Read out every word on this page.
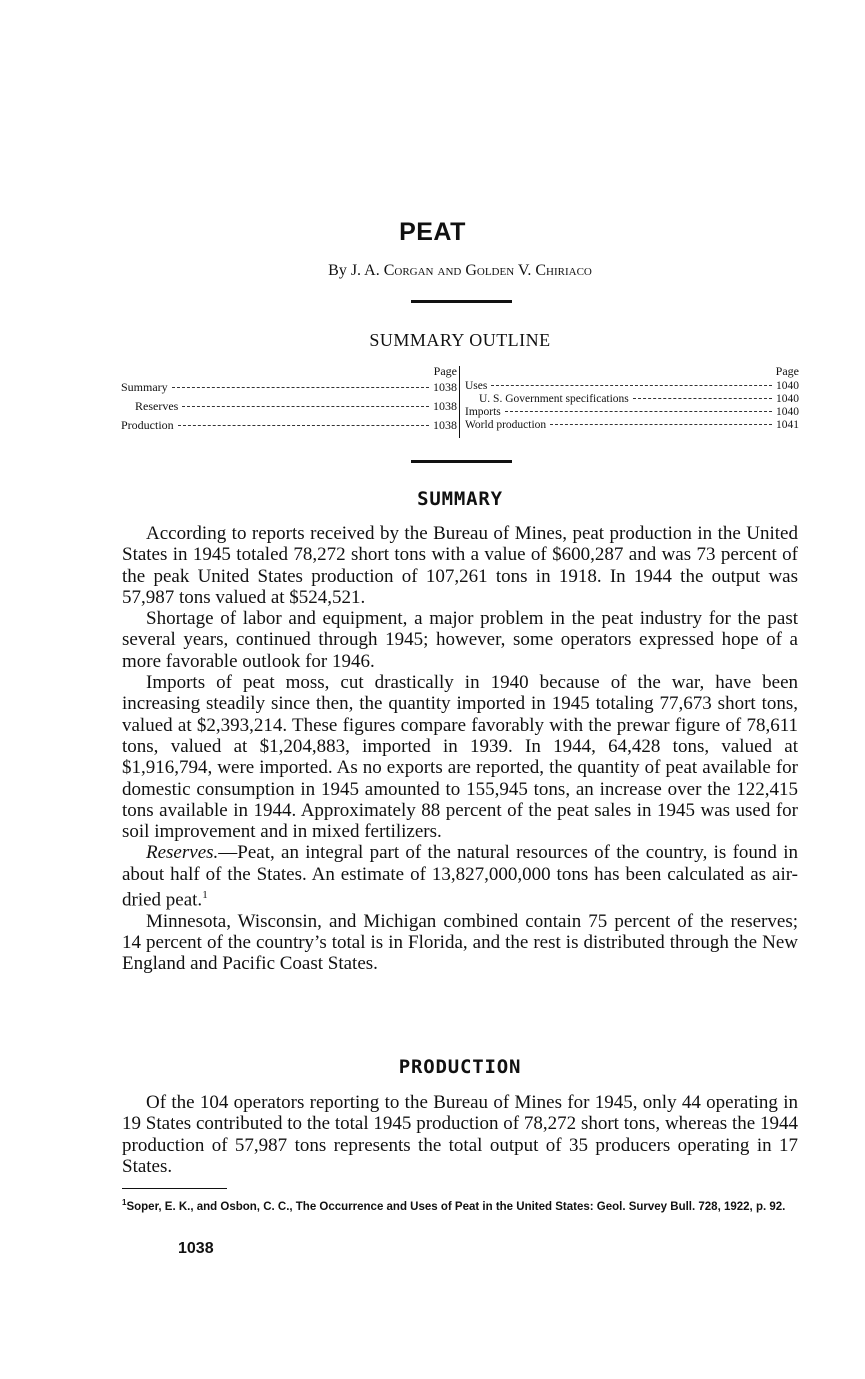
PEAT
By J. A. Corgan and Golden V. Chiriaco
SUMMARY OUTLINE
Page
Summary	1038
Reserves	1038
Production	1038
Page
Uses	1040
U. S. Government specifications	1040
Imports	1040
World production	1041
SUMMARY

According to reports received by the Bureau of Mines, peat production in the United States in 1945 totaled 78,272 short tons with a value of $600,287 and was 73 percent of the peak United States production of 107,261 tons in 1918. In 1944 the output was 57,987 tons valued at $524,521.

Shortage of labor and equipment, a major problem in the peat industry for the past several years, continued through 1945; however, some operators expressed hope of a more favorable outlook for 1946.

Imports of peat moss, cut drastically in 1940 because of the war, have been increasing steadily since then, the quantity imported in 1945 totaling 77,673 short tons, valued at $2,393,214. These figures compare favorably with the prewar figure of 78,611 tons, valued at $1,204,883, imported in 1939. In 1944, 64,428 tons, valued at $1,916,794, were imported. As no exports are reported, the quantity of peat available for domestic consumption in 1945 amounted to 155,945 tons, an increase over the 122,415 tons available in 1944. Approximately 88 percent of the peat sales in 1945 was used for soil improvement and in mixed fertilizers.

Reserves.—Peat, an integral part of the natural resources of the country, is found in about half of the States. An estimate of 13,827,000,000 tons has been calculated as air-dried peat.$^1$

Minnesota, Wisconsin, and Michigan combined contain 75 percent of the reserves; 14 percent of the country’s total is in Florida, and the rest is distributed through the New England and Pacific Coast States.

PRODUCTION

Of the 104 operators reporting to the Bureau of Mines for 1945, only 44 operating in 19 States contributed to the total 1945 production of 78,272 short tons, whereas the 1944 production of 57,987 tons represents the total output of 35 producers operating in 17 States.

$^1$Soper, E. K., and Osbon, C. C., The Occurrence and Uses of Peat in the United States: Geol. Survey Bull. 728, 1922, p. 92.
1038
